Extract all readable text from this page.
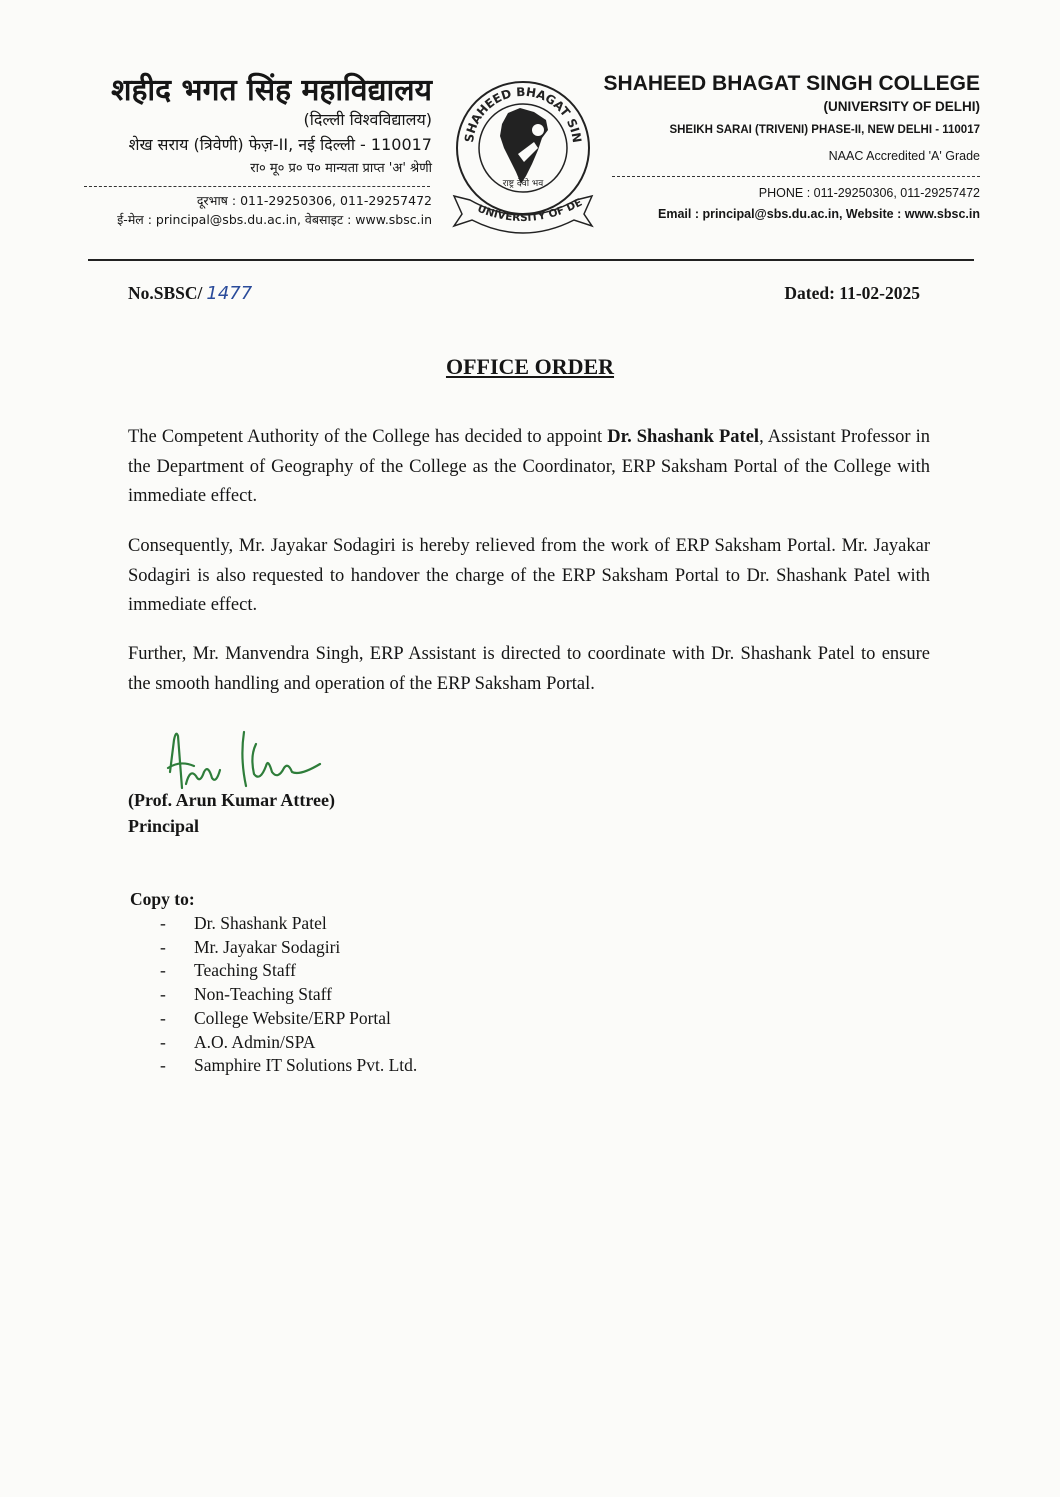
शहीद भगत सिंह महाविद्यालय
(दिल्ली विश्वविद्यालय)
शेख सराय (त्रिवेणी) फेज़-II, नई दिल्ली - 110017
रा० मू० प्र० प० मान्यता प्राप्त 'अ' श्रेणी
दूरभाष : 011-29250306, 011-29257472
ई-मेल : principal@sbs.du.ac.in, वेबसाइट : www.sbsc.in
SHAHEED BHAGAT SIN
राष्ट्र देवो भव
UNIVERSITY OF DE
SHAHEED BHAGAT SINGH COLLEGE
(UNIVERSITY OF DELHI)
SHEIKH SARAI (TRIVENI) PHASE-II, NEW DELHI - 110017
NAAC Accredited 'A' Grade
PHONE : 011-29250306, 011-29257472
Email : principal@sbs.du.ac.in, Website : www.sbsc.in
No.SBSC/ 1477	Dated: 11-02-2025
OFFICE ORDER
The Competent Authority of the College has decided to appoint Dr. Shashank Patel, Assistant Professor in the Department of Geography of the College as the Coordinator, ERP Saksham Portal of the College with immediate effect.
Consequently, Mr. Jayakar Sodagiri is hereby relieved from the work of ERP Saksham Portal. Mr. Jayakar Sodagiri is also requested to handover the charge of the ERP Saksham Portal to Dr. Shashank Patel with immediate effect.
Further, Mr. Manvendra Singh, ERP Assistant is directed to coordinate with Dr. Shashank Patel to ensure the smooth handling and operation of the ERP Saksham Portal.
(Prof. Arun Kumar Attree)
Principal
Copy to:
- Dr. Shashank Patel
- Mr. Jayakar Sodagiri
- Teaching Staff
- Non-Teaching Staff
- College Website/ERP Portal
- A.O. Admin/SPA
- Samphire IT Solutions Pvt. Ltd.
